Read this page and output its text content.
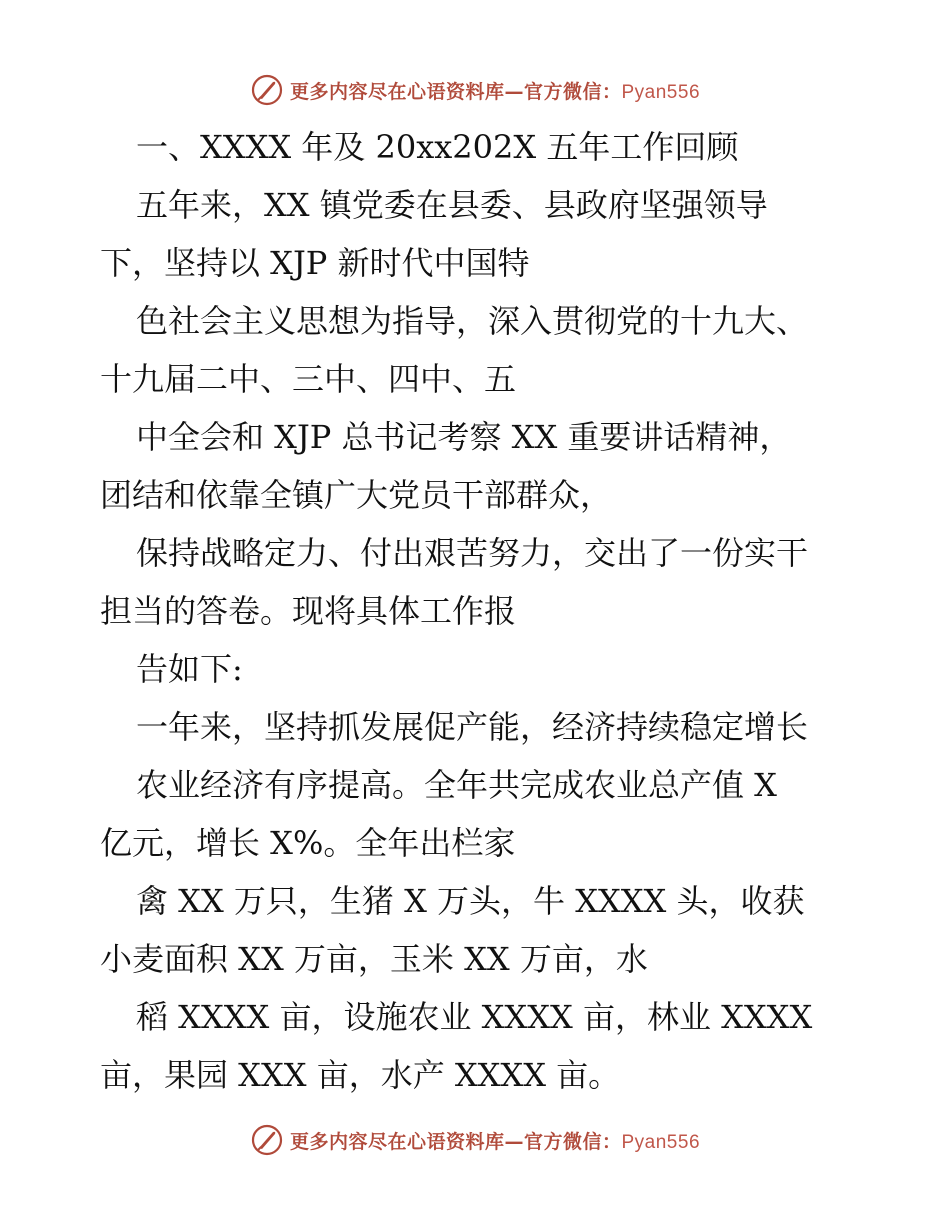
更多内容尽在心语资料库—官方微信：Pyan556
一、XXXX 年及 20xx202X 五年工作回顾
五年来，XX 镇党委在县委、县政府坚强领导
下，坚持以 XJP 新时代中国特
色社会主义思想为指导，深入贯彻党的十九大、
十九届二中、三中、四中、五
中全会和 XJP 总书记考察 XX 重要讲话精神，
团结和依靠全镇广大党员干部群众，
保持战略定力、付出艰苦努力，交出了一份实干
担当的答卷。现将具体工作报
告如下:
一年来，坚持抓发展促产能，经济持续稳定增长
农业经济有序提高。全年共完成农业总产值 X
亿元，增长 X%。全年出栏家
禽 XX 万只，生猪 X 万头，牛 XXXX 头，收获
小麦面积 XX 万亩，玉米 XX 万亩，水
稻 XXXX 亩，设施农业 XXXX 亩，林业 XXXX
亩，果园 XXX 亩，水产 XXXX 亩。
更多内容尽在心语资料库—官方微信：Pyan556
